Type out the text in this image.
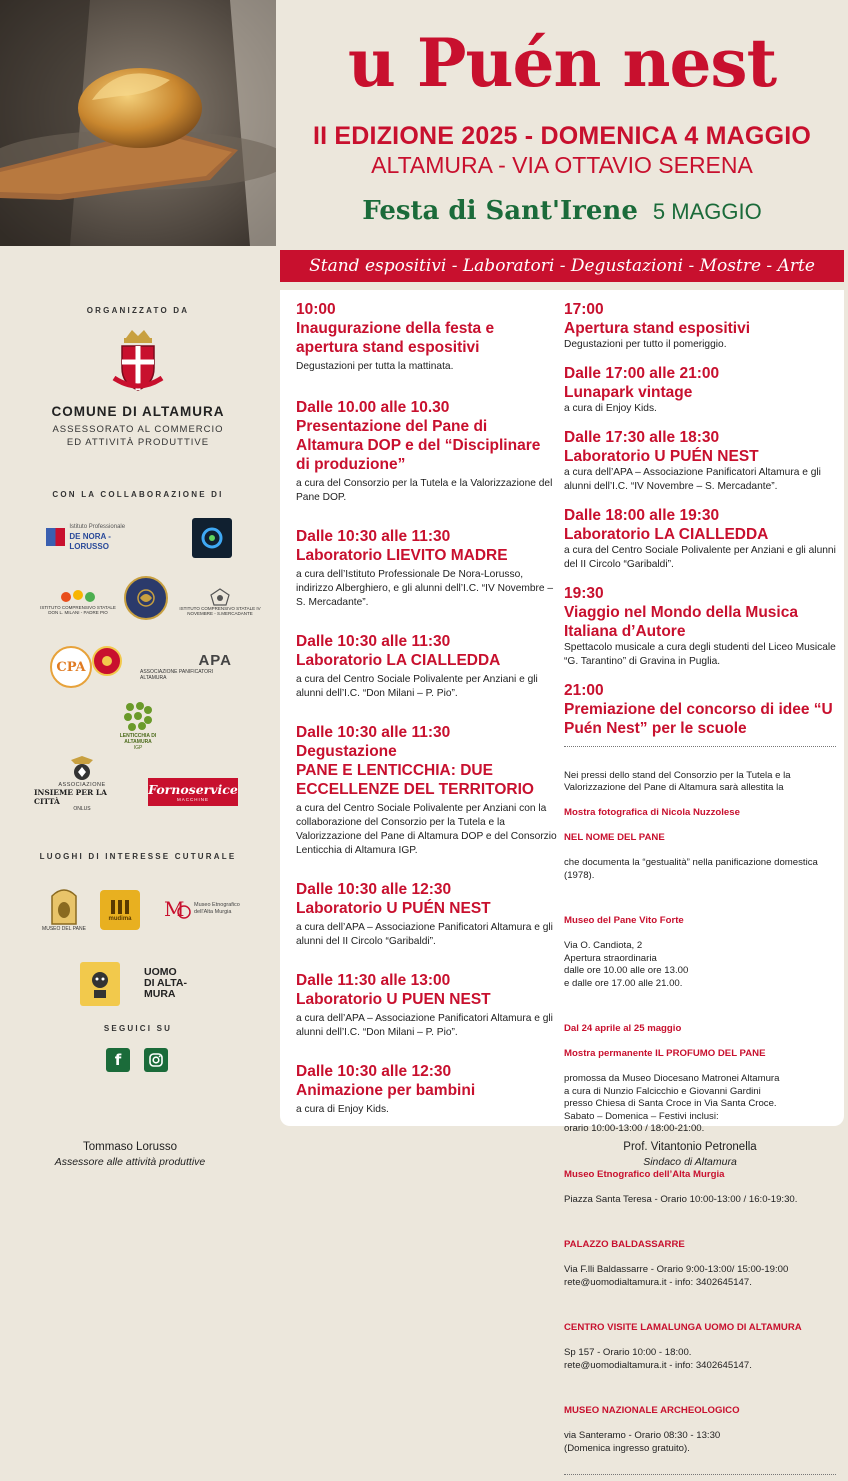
u Puén nest
II EDIZIONE 2025 - DOMENICA 4 MAGGIO
ALTAMURA - VIA OTTAVIO SERENA
Festa di Sant'Irene 5 MAGGIO
Stand espositivi - Laboratori - Degustazioni - Mostre - Arte
ORGANIZZATO DA
COMUNE DI ALTAMURA
ASSESSORATO AL COMMERCIO
ED ATTIVITÀ PRODUTTIVE
CON LA COLLABORAZIONE DI
Istituto Professionale
DE NORA - LORUSSO
ISTITUTO COMPRENSIVO STATALE DON L. MILANI - PADRE PIO
ISTITUTO COMPRENSIVO STATALE IV NOVEMBRE - S.MERCADANTE
CPA	APA
ASSOCIAZIONE PANIFICATORI ALTAMURA
LENTICCHIA DI ALTAMURA
IGP
ASSOCIAZIONE
INSIEME PER LA CITTÀ
ONLUS
Fornoservice
MACCHINE
LUOGHI DI INTERESSE CUTURALE
MUSEO DEL PANE
mudima M Museo Etnografico dell'Alta Murgia
UOMO DI ALTA-MURA
SEGUICI SU
f
10:00
Inaugurazione della festa e apertura stand espositivi
Degustazioni per tutta la mattinata.
Dalle 10.00 alle 10.30
Presentazione del Pane di Altamura DOP e del “Disciplinare di produzione”
a cura del Consorzio per la Tutela e la Valorizzazione del Pane DOP.
Dalle 10:30 alle 11:30
Laboratorio LIEVITO MADRE
a cura dell’Istituto Professionale De Nora-Lorusso, indirizzo Alberghiero, e gli alunni dell’I.C. “IV Novembre – S. Mercadante”.
Dalle 10:30 alle 11:30
Laboratorio LA CIALLEDDA
a cura del Centro Sociale Polivalente per Anziani e gli alunni dell’I.C. “Don Milani – P. Pio”.
Dalle 10:30 alle 11:30
Degustazione
PANE E LENTICCHIA: DUE ECCELLENZE DEL TERRITORIO
a cura del Centro Sociale Polivalente per Anziani con la collaborazione del Consorzio per la Tutela e la Valorizzazione del Pane di Altamura DOP e del Consorzio Lenticchia di Altamura IGP.
Dalle 10:30 alle 12:30
Laboratorio U PUÉN NEST
a cura dell’APA – Associazione Panificatori Altamura e gli alunni del II Circolo “Garibaldi”.
Dalle 11:30 alle 13:00
Laboratorio U PUEN NEST
a cura dell’APA – Associazione Panificatori Altamura e gli alunni dell’I.C. “Don Milani – P. Pio”.
Dalle 10:30 alle 12:30
Animazione per bambini
a cura di Enjoy Kids.
17:00
Apertura stand espositivi
Degustazioni per tutto il pomeriggio.
Dalle 17:00 alle 21:00
Lunapark vintage
a cura di Enjoy Kids.
Dalle 17:30 alle 18:30
Laboratorio U PUÉN NEST
a cura dell’APA – Associazione Panificatori Altamura e gli alunni dell’I.C. “IV Novembre – S. Mercadante”.
Dalle 18:00 alle 19:30
Laboratorio LA CIALLEDDA
a cura del Centro Sociale Polivalente per Anziani e gli alunni del II Circolo “Garibaldi”.
19:30
Viaggio nel Mondo della Musica Italiana d’Autore
Spettacolo musicale a cura degli studenti del Liceo Musicale “G. Tarantino” di Gravina in Puglia.
21:00
Premiazione del concorso di idee “U Puén Nest” per le scuole

Nei pressi dello stand del Consorzio per la Tutela e la Valorizzazione del Pane di Altamura sarà allestita la

Mostra fotografica di Nicola Nuzzolese

NEL NOME DEL PANE

che documenta la “gestualità” nella panificazione domestica (1978).

Museo del Pane Vito Forte

Via O. Candiota, 2
Apertura straordinaria
dalle ore 10.00 alle ore 13.00
e dalle ore 17.00 alle 21.00.

Dal 24 aprile al 25 maggio

Mostra permanente IL PROFUMO DEL PANE

promossa da Museo Diocesano Matronei Altamura
a cura di Nunzio Falcicchio e Giovanni Gardini
presso Chiesa di Santa Croce in Via Santa Croce.
Sabato – Domenica – Festivi inclusi:
orario 10:00-13:00 / 18:00-21:00.

Museo Etnografico dell’Alta Murgia

Piazza Santa Teresa - Orario 10:00-13:00 / 16:0-19:30.

PALAZZO BALDASSARRE

Via F.lli Baldassarre - Orario 9:00-13:00/ 15:00-19:00
rete@uomodialtamura.it - info: 3402645147.

CENTRO VISITE LAMALUNGA UOMO DI ALTAMURA

Sp 157 - Orario 10:00 - 18:00.
rete@uomodialtamura.it - info: 3402645147.

MUSEO NAZIONALE ARCHEOLOGICO

via Santeramo - Orario 08:30 - 13:30
(Domenica ingresso gratuito).

Tommaso Lorusso
Assessore alle attività produttive
Prof. Vitantonio Petronella
Sindaco di Altamura
